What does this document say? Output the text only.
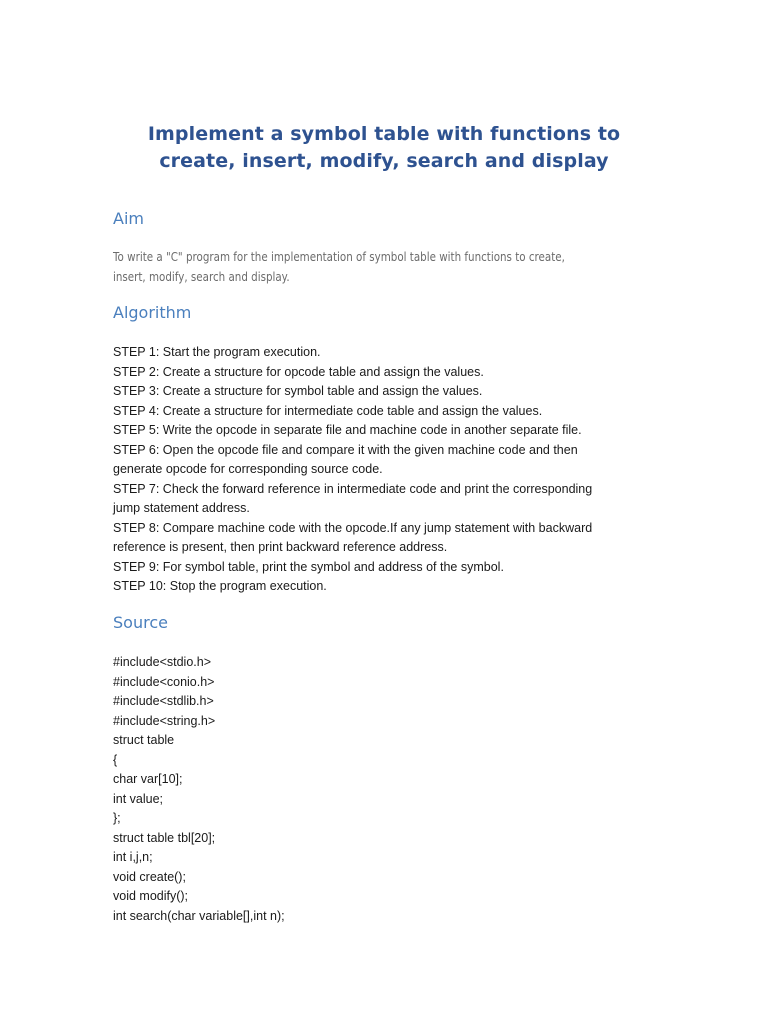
Implement a symbol table with functions to
create, insert, modify, search and display
Aim

To write a "C" program for the implementation of symbol table with functions to create,
insert, modify, search and display.

Algorithm
STEP 1: Start the program execution.
STEP 2: Create a structure for opcode table and assign the values.
STEP 3: Create a structure for symbol table and assign the values.
STEP 4: Create a structure for intermediate code table and assign the values.
STEP 5: Write the opcode in separate file and machine code in another separate file.
STEP 6: Open the opcode file and compare it with the given machine code and then
generate opcode for corresponding source code.
STEP 7: Check the forward reference in intermediate code and print the corresponding
jump statement address.
STEP 8: Compare machine code with the opcode.If any jump statement with backward
reference is present, then print backward reference address.
STEP 9: For symbol table, print the symbol and address of the symbol.
STEP 10: Stop the program execution.
Source
#include<stdio.h>
#include<conio.h>
#include<stdlib.h>
#include<string.h>
struct table
{
char var[10];
int value;
};
struct table tbl[20];
int i,j,n;
void create();
void modify();
int search(char variable[],int n);
